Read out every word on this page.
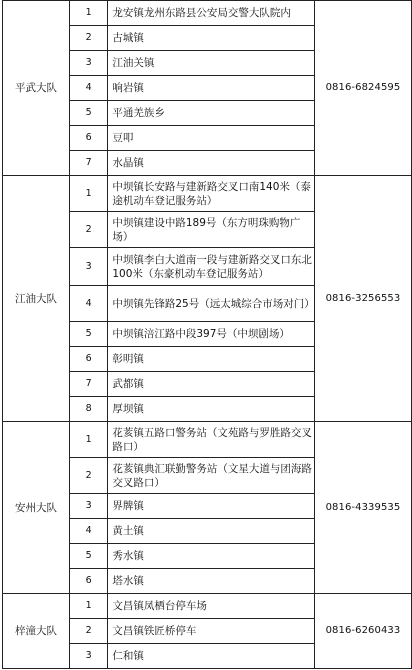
平武大队	1	龙安镇龙州东路县公安局交警大队院内	0816-6824595
	2	古城镇	
	3	江油关镇	
	4	响岩镇	
	5	平通羌族乡	
	6	豆叩	
	7	水晶镇	
江油大队	1	中坝镇长安路与建新路交叉口南140米（泰途机动车登记服务站）	0816-3256553
	2	中坝镇建设中路189号（东方明珠购物广场）	
	3	中坝镇李白大道南一段与建新路交叉口东北100米（东豪机动车登记服务站）	
	4	中坝镇先锋路25号（远太城综合市场对门）	
	5	中坝镇涪江路中段397号（中坝剧场）	
	6	彰明镇	
	7	武都镇	
	8	厚坝镇	
安州大队	1	花荄镇五路口警务站（文苑路与罗胜路交叉路口）	0816-4339535
	2	花荄镇典汇联勤警务站（文星大道与团海路交叉路口）	
	3	界牌镇	
	4	黄土镇	
	5	秀水镇	
	6	塔水镇	
梓潼大队	1	文昌镇凤栖台停车场	0816-6260433
	2	文昌镇铁匠桥停车	
	3	仁和镇	
